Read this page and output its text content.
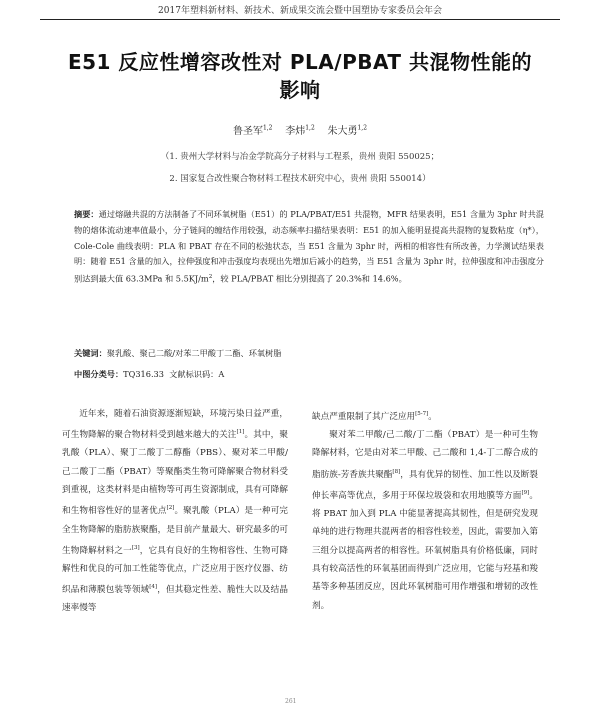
2017年塑料新材料、新技术、新成果交流会暨中国塑协专家委员会年会
E51 反应性增容改性对 PLA/PBAT 共混物性能的
影响
鲁圣军$^{1,2}$ 李炜$^{1,2}$ 朱大勇$^{1,2}$
（1. 贵州大学材料与冶金学院高分子材料与工程系，贵州 贵阳 550025；
2. 国家复合改性聚合物材料工程技术研究中心，贵州 贵阳 550014）
摘要：通过熔融共混的方法制备了不同环氧树脂（E51）的 PLA/PBAT/E51 共混物，MFR 结果表明，E51 含量为 3phr 时共混物的熔体流动速率值最小，分子链间的缠结作用较强，动态频率扫描结果表明：E51 的加入能明显提高共混物的复数粘度（η*），Cole-Cole 曲线表明：PLA 和 PBAT 存在不同的松弛状态，当 E51 含量为 3phr 时，两相的相容性有所改善，力学测试结果表明：随着 E51 含量的加入，拉伸强度和冲击强度均表现出先增加后减小的趋势，当 E51 含量为 3phr 时，拉伸强度和冲击强度分别达到最大值 63.3MPa 和 $5.5KJ/m^2$，较 PLA/PBAT 相比分别提高了 20.3%和 14.6%。
关键词：聚乳酸、聚己二酸/对苯二甲酸丁二酯、环氧树脂
中图分类号：TQ316.33 文献标识码：A

近年来，随着石油资源逐渐短缺，环境污染日益严重，可生物降解的聚合物材料受到越来越大的关注[1]。其中，聚乳酸（PLA）、聚丁二酸丁二醇酯（PBS）、聚对苯二甲酸/己二酸丁二酯（PBAT）等聚酯类生物可降解聚合物材料受到重视，这类材料是由植物等可再生资源制成，具有可降解和生物相容性好的显著优点[2]。聚乳酸（PLA）是一种可完全生物降解的脂肪族聚酯，是目前产量最大、研究最多的可生物降解材料之一[3]，它具有良好的生物相容性、生物可降解性和优良的可加工性能等优点，广泛应用于医疗仪器、纺织品和薄膜包装等领域[4]，但其稳定性差、脆性大以及结晶速率慢等

缺点严重限制了其广泛应用[5-7]。

聚对苯二甲酸/己二酸/丁二酯（PBAT）是一种可生物降解材料，它是由对苯二甲酸、己二酸和 1,4-丁二醇合成的脂肪族-芳香族共聚酯[8]，具有优异的韧性、加工性以及断裂伸长率高等优点，多用于环保垃圾袋和农用地膜等方面[9]。将 PBAT 加入到 PLA 中能显著提高其韧性，但是研究发现单纯的进行物理共混两者的相容性较差，因此，需要加入第三组分以提高两者的相容性。环氧树脂具有价格低廉，同时具有较高活性的环氧基团而得到广泛应用，它能与羟基和羧基等多种基团反应，因此环氧树脂可用作增强和增韧的改性剂。

261
